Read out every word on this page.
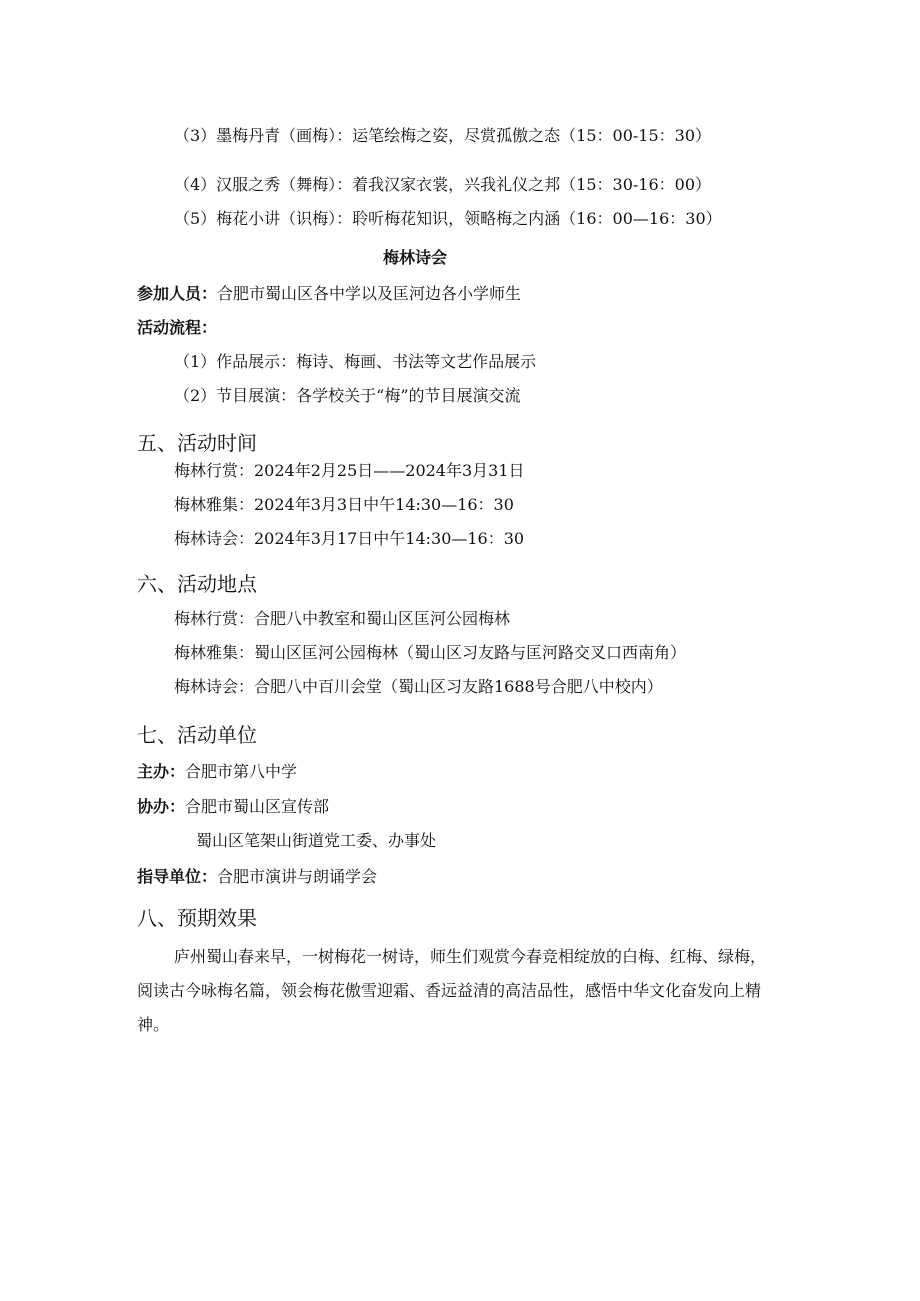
（3）墨梅丹青（画梅）：运笔绘梅之姿，尽赏孤傲之态（15：00-15：30）
（4）汉服之秀（舞梅）：着我汉家衣裳，兴我礼仪之邦（15：30-16：00）
（5）梅花小讲（识梅）：聆听梅花知识，领略梅之内涵（16：00—16：30）
梅林诗会
参加人员：合肥市蜀山区各中学以及匡河边各小学师生
活动流程：
（1）作品展示：梅诗、梅画、书法等文艺作品展示
（2）节目展演：各学校关于“梅”的节目展演交流
五、活动时间
梅林行赏：2024年2月25日——2024年3月31日
梅林雅集：2024年3月3日中午14:30—16：30
梅林诗会：2024年3月17日中午14:30—16：30
六、活动地点
梅林行赏：合肥八中教室和蜀山区匡河公园梅林
梅林雅集：蜀山区匡河公园梅林（蜀山区习友路与匡河路交叉口西南角）
梅林诗会：合肥八中百川会堂（蜀山区习友路1688号合肥八中校内）
七、活动单位
主办：合肥市第八中学
协办：合肥市蜀山区宣传部
蜀山区笔架山街道党工委、办事处
指导单位：合肥市演讲与朗诵学会
八、预期效果
庐州蜀山春来早，一树梅花一树诗，师生们观赏今春竞相绽放的白梅、红梅、绿梅，阅读古今咏梅名篇，领会梅花傲雪迎霜、香远益清的高洁品性，感悟中华文化奋发向上精神。
